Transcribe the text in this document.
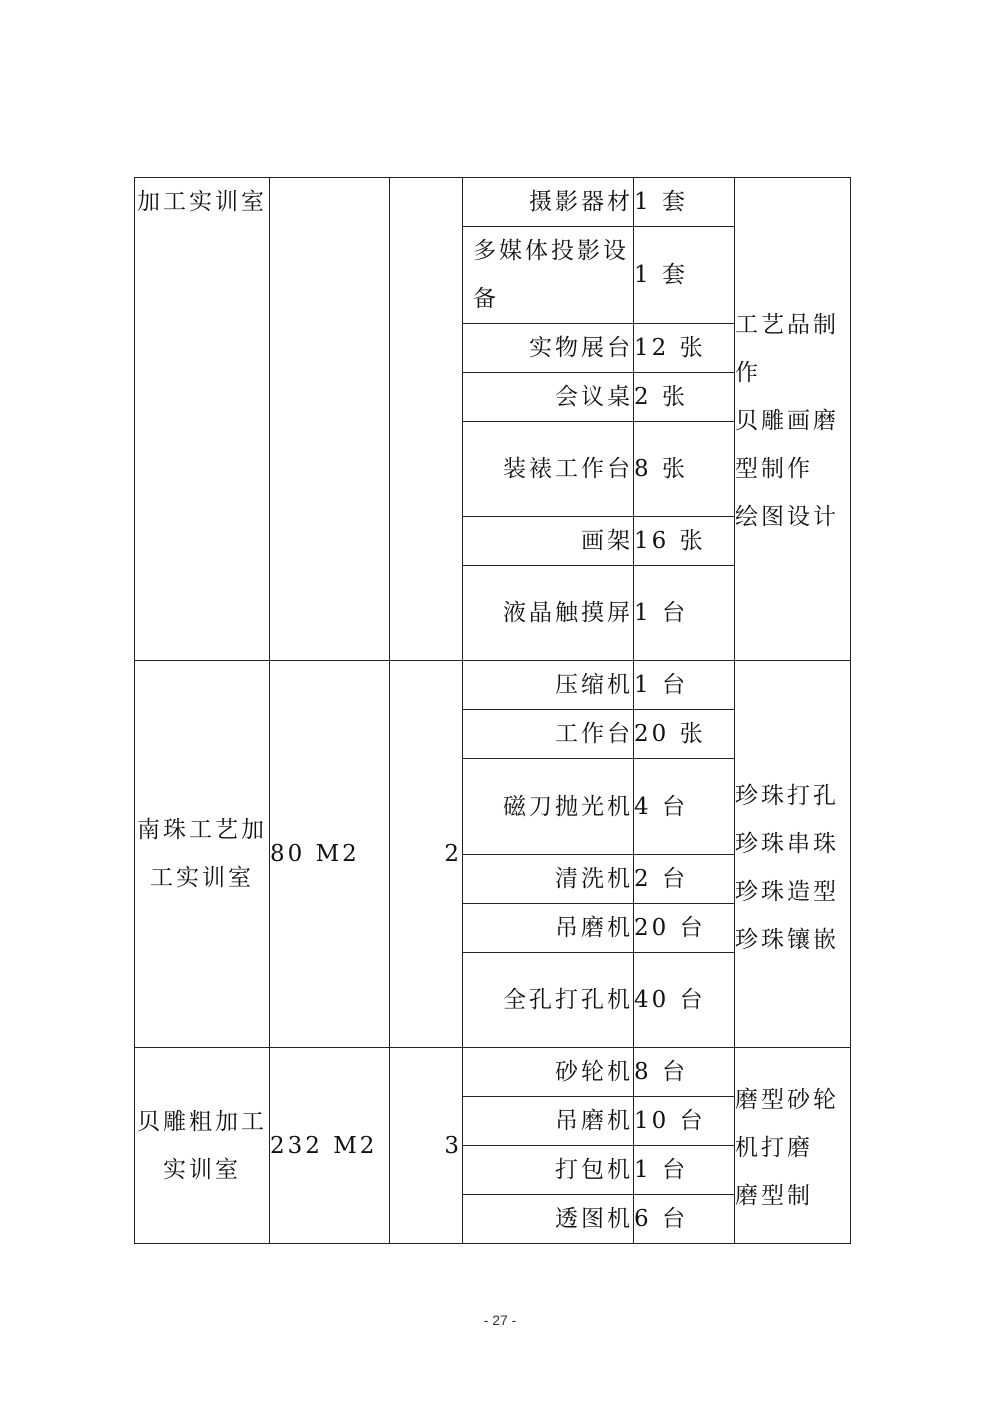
加工实训室			摄影器材	1 套	工艺品制作
贝雕画磨型制作
绘图设计

			多媒体投影设备	1 套	
			实物展台	12 张	
			会议桌	2 张	
			装裱工作台	8 张	
			画架	16 张	
			液晶触摸屏	1 台	
南珠工艺加工实训室	80 M2	2	压缩机	1 台	珍珠打孔
珍珠串珠珍珠造型
珍珠镶嵌

			工作台	20 张	
			磁刀抛光机	4 台	
			清洗机	2 台	
			吊磨机	20 台	
			全孔打孔机	40 台	
贝雕粗加工实训室	232 M2	3	砂轮机	8 台	磨型砂轮机打磨
磨型制

			吊磨机	10 台	
			打包机	1 台	
			透图机	6 台	
- 27 -
